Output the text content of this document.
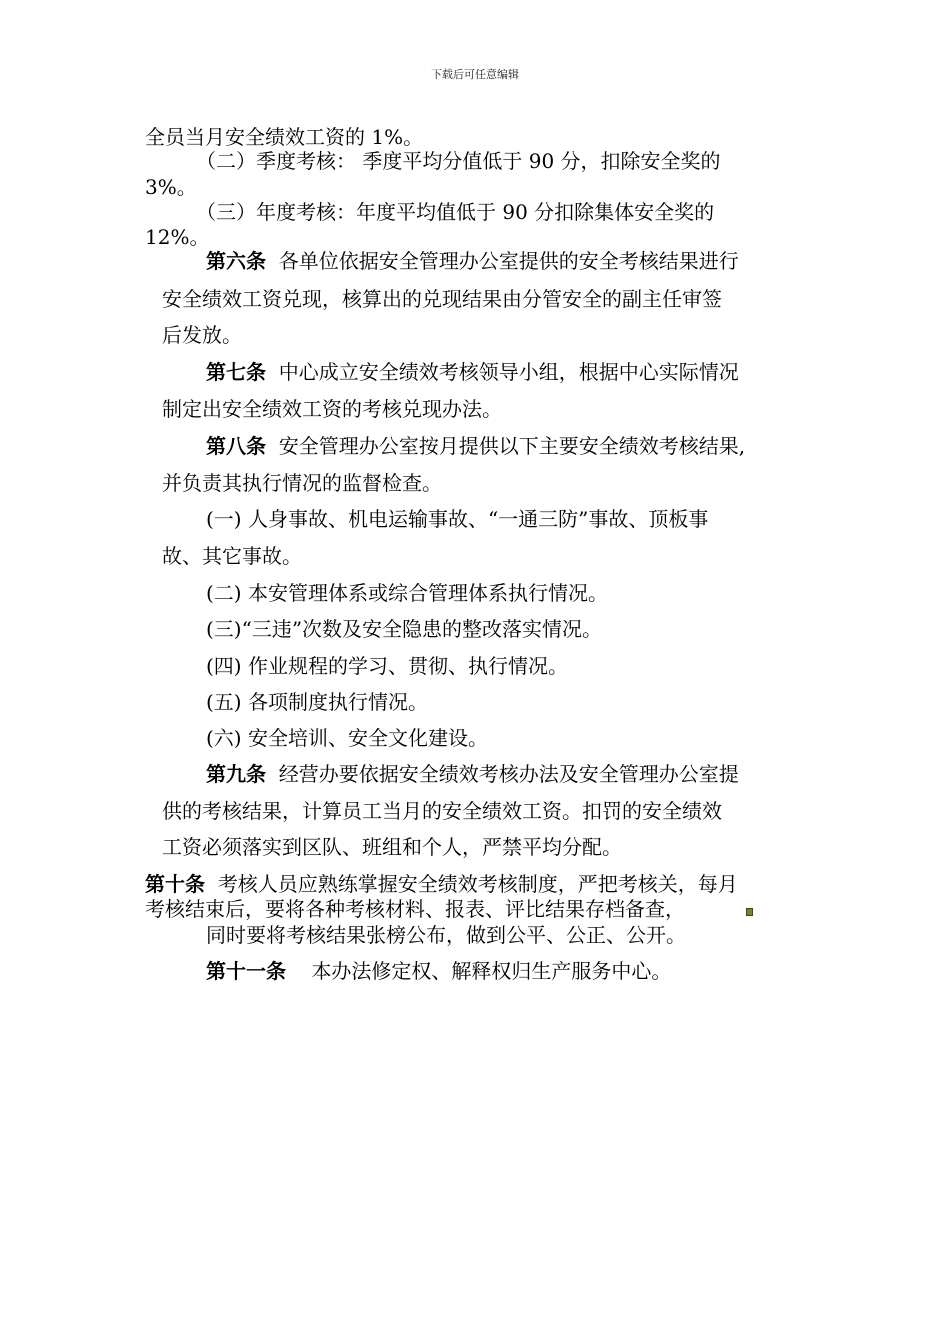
下载后可任意编辑
全员当月安全绩效工资的 1%。
（二）季度考核： 季度平均分值低于 90 分，扣除安全奖的
3%。
（三）年度考核：年度平均值低于 90 分扣除集体安全奖的
12%。
第六条 各单位依据安全管理办公室提供的安全考核结果进行
安全绩效工资兑现，核算出的兑现结果由分管安全的副主任审签
后发放。
第七条 中心成立安全绩效考核领导小组，根据中心实际情况
制定出安全绩效工资的考核兑现办法。
第八条 安全管理办公室按月提供以下主要安全绩效考核结果,
并负责其执行情况的监督检查。
(一) 人身事故、机电运输事故、“一通三防”事故、顶板事
故、其它事故。
(二) 本安管理体系或综合管理体系执行情况。
(三)“三违”次数及安全隐患的整改落实情况。
(四) 作业规程的学习、贯彻、执行情况。
(五) 各项制度执行情况。
(六) 安全培训、安全文化建设。
第九条 经营办要依据安全绩效考核办法及安全管理办公室提
供的考核结果，计算员工当月的安全绩效工资。扣罚的安全绩效
工资必须落实到区队、班组和个人，严禁平均分配。
第十条 考核人员应熟练掌握安全绩效考核制度，严把考核关，每月
考核结束后，要将各种考核材料、报表、评比结果存档备查，
同时要将考核结果张榜公布，做到公平、公正、公开。
第十一条 本办法修定权、解释权归生产服务中心。
